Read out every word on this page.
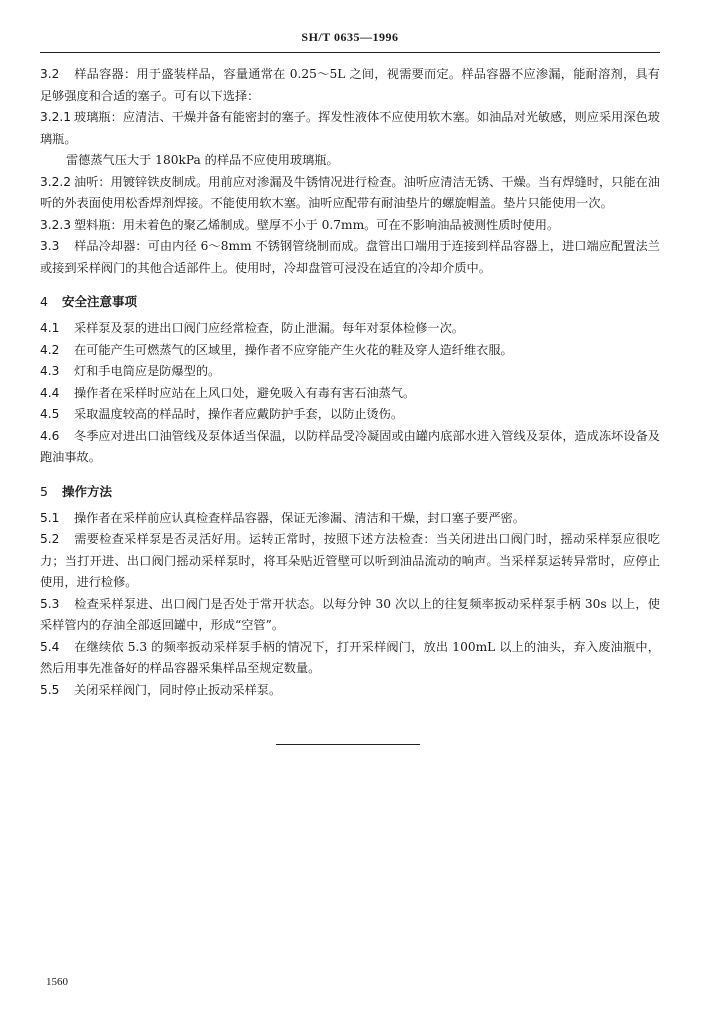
SH/T 0635—1996

3.2 样品容器：用于盛装样品，容量通常在 0.25～5L 之间，视需要而定。样品容器不应渗漏，能耐溶剂，具有足够强度和合适的塞子。可有以下选择：

3.2.1 玻璃瓶：应清洁、干燥并备有能密封的塞子。挥发性液体不应使用软木塞。如油品对光敏感，则应采用深色玻璃瓶。

雷德蒸气压大于 180kPa 的样品不应使用玻璃瓶。

3.2.2 油听：用镀锌铁皮制成。用前应对渗漏及牛锈情况进行检查。油听应清洁无锈、干燥。当有焊缝时，只能在油听的外表面使用松香焊剂焊接。不能使用软木塞。油听应配带有耐油垫片的螺旋帽盖。垫片只能使用一次。

3.2.3 塑料瓶：用未着色的聚乙烯制成。壁厚不小于 0.7mm。可在不影响油品被测性质时使用。

3.3 样品冷却器：可由内径 6～8mm 不锈钢管绕制而成。盘管出口端用于连接到样品容器上，进口端应配置法兰或接到采样阀门的其他合适部件上。使用时，冷却盘管可浸没在适宜的冷却介质中。

4 安全注意事项

4.1 采样泵及泵的进出口阀门应经常检查，防止泄漏。每年对泵体检修一次。

4.2 在可能产生可燃蒸气的区域里，操作者不应穿能产生火花的鞋及穿人造纤维衣服。

4.3 灯和手电筒应是防爆型的。

4.4 操作者在采样时应站在上风口处，避免吸入有毒有害石油蒸气。

4.5 采取温度较高的样品时，操作者应戴防护手套，以防止烫伤。

4.6 冬季应对进出口油管线及泵体适当保温，以防样品受冷凝固或由罐内底部水进入管线及泵体，造成冻坏设备及跑油事故。

5 操作方法

5.1 操作者在采样前应认真检查样品容器，保证无渗漏、清洁和干燥，封口塞子要严密。

5.2 需要检查采样泵是否灵活好用。运转正常时，按照下述方法检查：当关闭进出口阀门时，摇动采样泵应很吃力；当打开进、出口阀门摇动采样泵时，将耳朵贴近管壁可以听到油品流动的响声。当采样泵运转异常时，应停止使用，进行检修。

5.3 检查采样泵进、出口阀门是否处于常开状态。以每分钟 30 次以上的往复频率扳动采样泵手柄 30s 以上，使采样管内的存油全部返回罐中，形成“空管”。

5.4 在继续依 5.3 的频率扳动采样泵手柄的情况下，打开采样阀门，放出 100mL 以上的油头，弃入废油瓶中，然后用事先准备好的样品容器采集样品至规定数量。

5.5 关闭采样阀门，同时停止扳动采样泵。

1560
